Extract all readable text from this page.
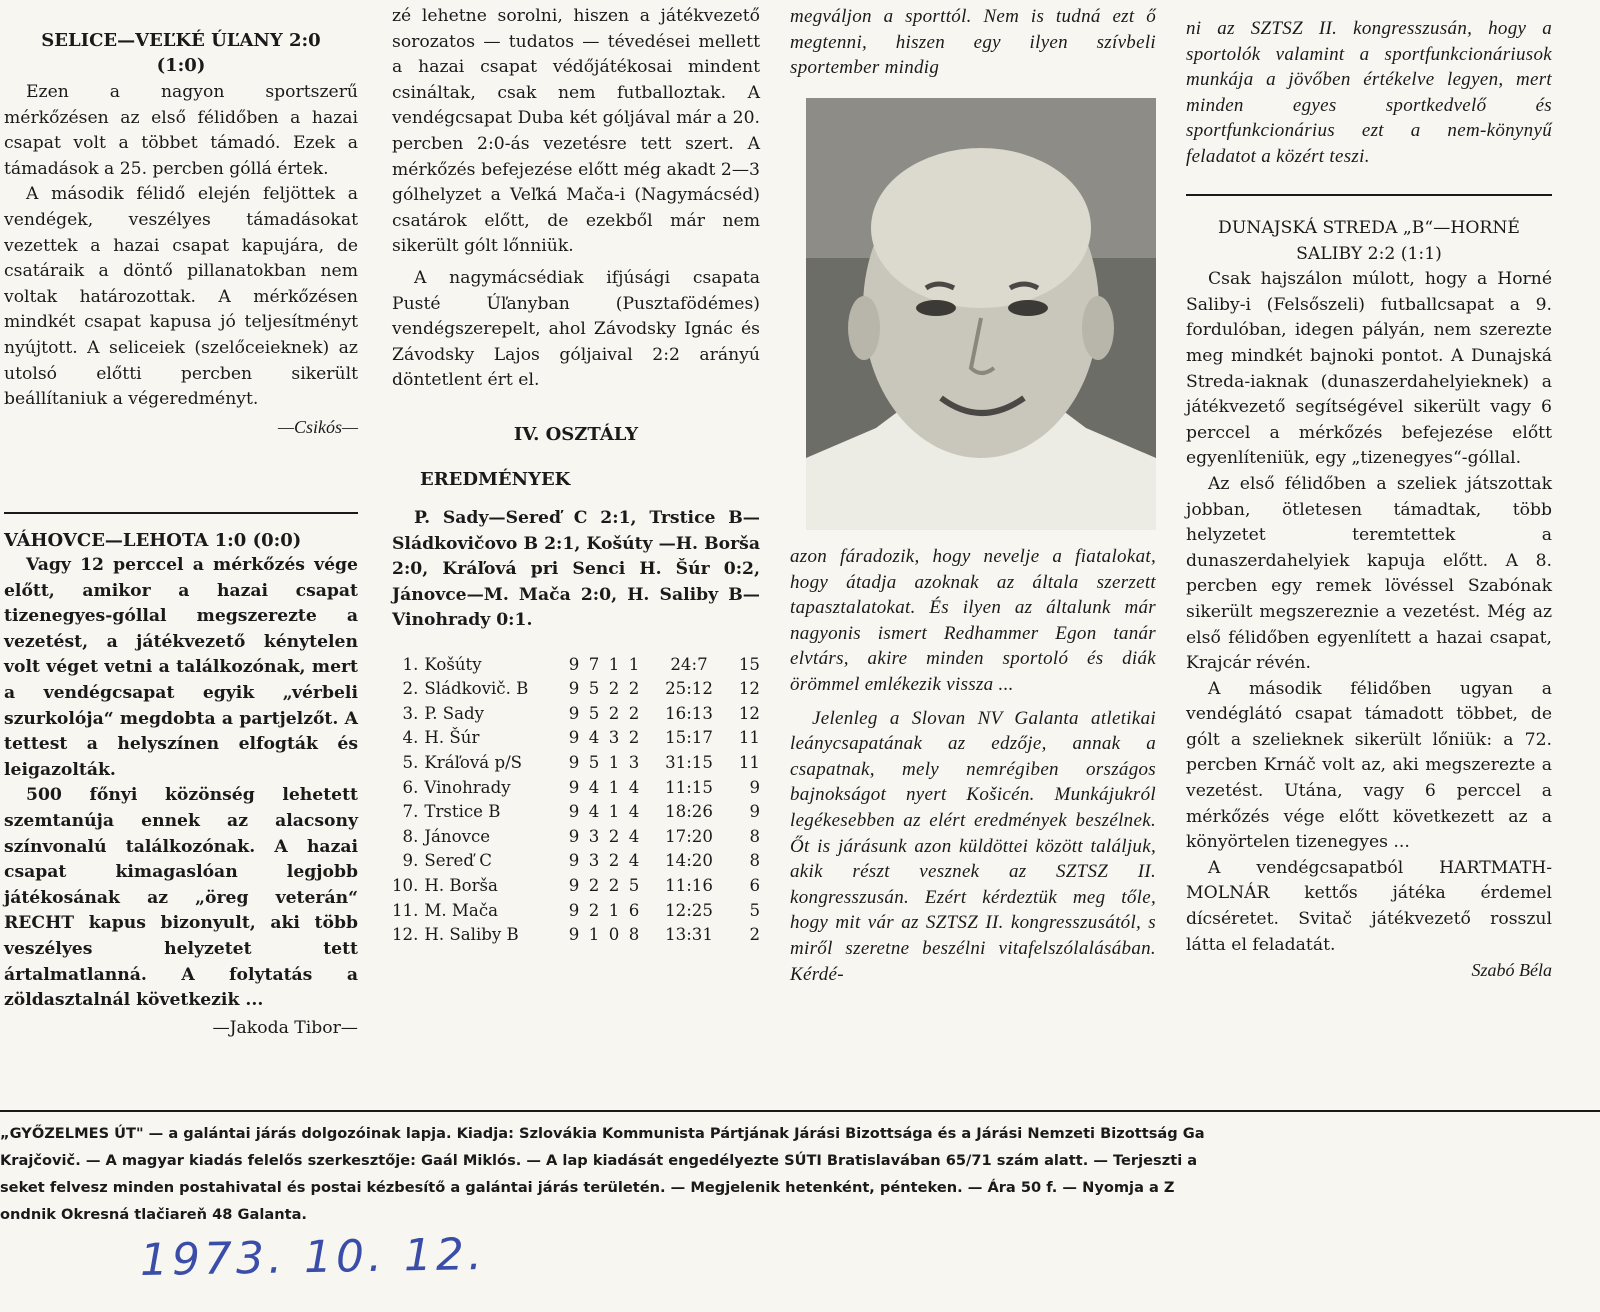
SELICE—VEĽKÉ ÚĽANY 2:0

(1:0)

Ezen a nagyon sportszerű mérkőzésen az első félidőben a hazai csapat volt a többet támadó. Ezek a támadások a 25. percben góllá értek.

A második félidő elején feljöttek a vendégek, veszélyes támadásokat vezettek a hazai csapat kapujára, de csatáraik a döntő pillanatokban nem voltak határozottak. A mérkőzésen mindkét csapat kapusa jó teljesítményt nyújtott. A seliceiek (szelőceieknek) az utolsó előtti percben sikerült beállítaniuk a végeredményt.

—Csikós—

VÁHOVCE—LEHOTA 1:0 (0:0)

Vagy 12 perccel a mérkőzés vége előtt, amikor a hazai csapat tizenegyes-góllal megszerezte a vezetést, a játékvezető kénytelen volt véget vetni a találkozónak, mert a vendégcsapat egyik „vérbeli szurkolója“ megdobta a partjelzőt. A tettest a helyszínen elfogták és leigazolták.

500 főnyi közönség lehetett szemtanúja ennek az alacsony színvonalú találkozónak. A hazai csapat kimagaslóan legjobb játékosának az „öreg veterán“ RECHT kapus bizonyult, aki több veszélyes helyzetet tett ártalmatlanná. A folytatás a zöldasztalnál következik ...

—Jakoda Tibor—

zé lehetne sorolni, hiszen a játékvezető sorozatos — tudatos — tévedései mellett a hazai csapat védőjátékosai mindent csináltak, csak nem futballoztak. A vendégcsapat Duba két góljával már a 20. percben 2:0-ás vezetésre tett szert. A mérkőzés befejezése előtt még akadt 2—3 gólhelyzet a Veľká Mača-i (Nagymácséd) csatárok előtt, de ezekből már nem sikerült gólt lőnniük.

A nagymácsédiak ifjúsági csapata Pusté Úľanyban (Pusztafödémes) vendégszerepelt, ahol Závodsky Ignác és Závodsky Lajos góljaival 2:2 arányú döntetlent ért el.

IV. OSZTÁLY

EREDMÉNYEK

P. Sady—Sereď C 2:1, Trstice B—Sládkovičovo B 2:1, Košúty —H. Borša 2:0, Kráľová pri Senci H. Šúr 0:2, Jánovce—M. Mača 2:0, H. Saliby B—Vinohrady 0:1.

1.	Košúty	9	7	1	1	24:7	15
2.	Sládkovič. B	9	5	2	2	25:12	12
3.	P. Sady	9	5	2	2	16:13	12
4.	H. Šúr	9	4	3	2	15:17	11
5.	Kráľová p/S	9	5	1	3	31:15	11
6.	Vinohrady	9	4	1	4	11:15	9
7.	Trstice B	9	4	1	4	18:26	9
8.	Jánovce	9	3	2	4	17:20	8
9.	Sereď C	9	3	2	4	14:20	8
10.	H. Borša	9	2	2	5	11:16	6
11.	M. Mača	9	2	1	6	12:25	5
12.	H. Saliby B	9	1	0	8	13:31	2

megváljon a sporttól. Nem is tudná ezt ő megtenni, hiszen egy ilyen szívbeli sportember mindig

azon fáradozik, hogy nevelje a fiatalokat, hogy átadja azoknak az általa szerzett tapasztalatokat. És ilyen az általunk már nagyonis ismert Redhammer Egon tanár elvtárs, akire minden sportoló és diák örömmel emlékezik vissza ...

Jelenleg a Slovan NV Galanta atletikai leánycsapatának az edzője, annak a csapatnak, mely nemrégiben országos bajnokságot nyert Košicén. Munkájukról legékesebben az elért eredmények beszélnek. Őt is járásunk azon küldöttei között találjuk, akik részt vesznek az SZTSZ II. kongresszusán. Ezért kérdeztük meg tőle, hogy mit vár az SZTSZ II. kongresszusától, s miről szeretne beszélni vitafelszólalásában. Kérdé-

ni az SZTSZ II. kongresszusán, hogy a sportolók valamint a sportfunkcionáriusok munkája a jövőben értékelve legyen, mert minden egyes sportkedvelő és sportfunkcionárius ezt a nem-könynyű feladatot a közért teszi.

DUNAJSKÁ STREDA „B“—HORNÉ SALIBY 2:2 (1:1)

Csak hajszálon múlott, hogy a Horné Saliby-i (Felsőszeli) futballcsapat a 9. fordulóban, idegen pályán, nem szerezte meg mindkét bajnoki pontot. A Dunajská Streda-iaknak (dunaszerdahelyieknek) a játékvezető segítségével sikerült vagy 6 perccel a mérkőzés befejezése előtt egyenlíteniük, egy „tizenegyes“-góllal.

Az első félidőben a szeliek játszottak jobban, ötletesen támadtak, több helyzetet teremtettek a dunaszerdahelyiek kapuja előtt. A 8. percben egy remek lövéssel Szabónak sikerült megszereznie a vezetést. Még az első félidőben egyenlített a hazai csapat, Krajcár révén.

A második félidőben ugyan a vendéglátó csapat támadott többet, de gólt a szelieknek sikerült lőniük: a 72. percben Krnáč volt az, aki megszerezte a vezetést. Utána, vagy 6 perccel a mérkőzés vége előtt következett az a könyörtelen tizenegyes ...

A vendégcsapatból HARTMATH-MOLNÁR kettős játéka érdemel dícséretet. Svitač játékvezető rosszul látta el feladatát.

Szabó Béla

„GYŐZELMES ÚT" — a galántai járás dolgozóinak lapja. Kiadja: Szlovákia Kommunista Pártjának Járási Bizottsága és a Járási Nemzeti Bizottság Ga
Krajčovič. — A magyar kiadás felelős szerkesztője: Gaál Miklós. — A lap kiadását engedélyezte SÚTI Bratislavában 65/71 szám alatt. — Terjeszti a
seket felvesz minden postahivatal és postai kézbesítő a galántai járás területén. — Megjelenik hetenként, pénteken. — Ára 50 f. — Nyomja a Z
ondnik Okresná tlačiareň 48 Galanta.
1973. 10. 12.
